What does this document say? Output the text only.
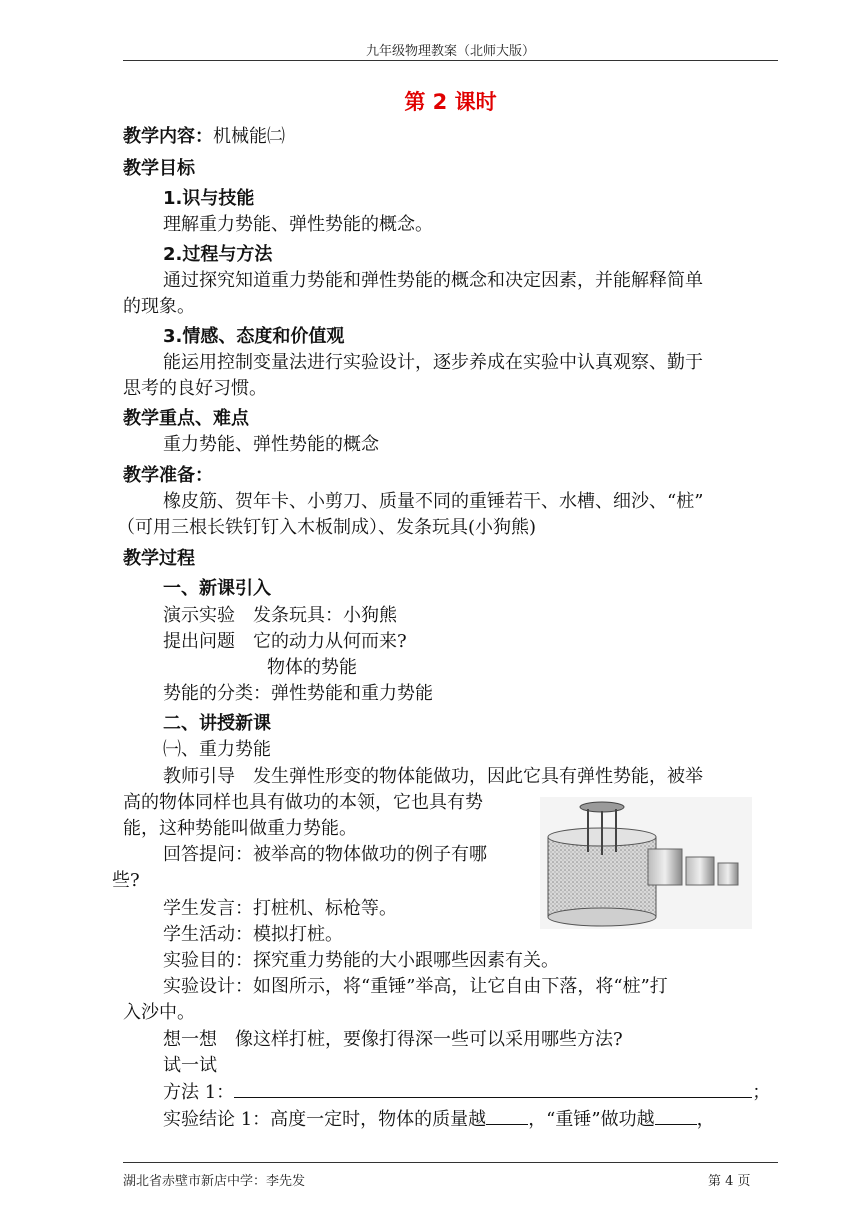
九年级物理教案（北师大版）
第 2 课时
教学内容：机械能㈡
教学目标
1.识与技能
理解重力势能、弹性势能的概念。
2.过程与方法
通过探究知道重力势能和弹性势能的概念和决定因素，并能解释简单
的现象。
3.情感、态度和价值观
能运用控制变量法进行实验设计，逐步养成在实验中认真观察、勤于
思考的良好习惯。
教学重点、难点
重力势能、弹性势能的概念
教学准备：
橡皮筋、贺年卡、小剪刀、质量不同的重锤若干、水槽、细沙、“桩”
（可用三根长铁钉钉入木板制成）、发条玩具(小狗熊)
教学过程
一、新课引入
演示实验　发条玩具：小狗熊
提出问题　它的动力从何而来?
物体的势能
势能的分类：弹性势能和重力势能
二、讲授新课
㈠、重力势能
教师引导　发生弹性形变的物体能做功，因此它具有弹性势能，被举
高的物体同样也具有做功的本领，它也具有势
能，这种势能叫做重力势能。
回答提问：被举高的物体做功的例子有哪
些?
学生发言：打桩机、标枪等。
学生活动：模拟打桩。
实验目的：探究重力势能的大小跟哪些因素有关。
实验设计：如图所示，将“重锤”举高，让它自由下落，将“桩”打
入沙中。
想一想　像这样打桩，要像打得深一些可以采用哪些方法?
试一试
方法 1：	；
实验结论 1：高度一定时，物体的质量越 ，“重锤”做功越 ，
湖北省赤壁市新店中学：李先发	第 4 页
